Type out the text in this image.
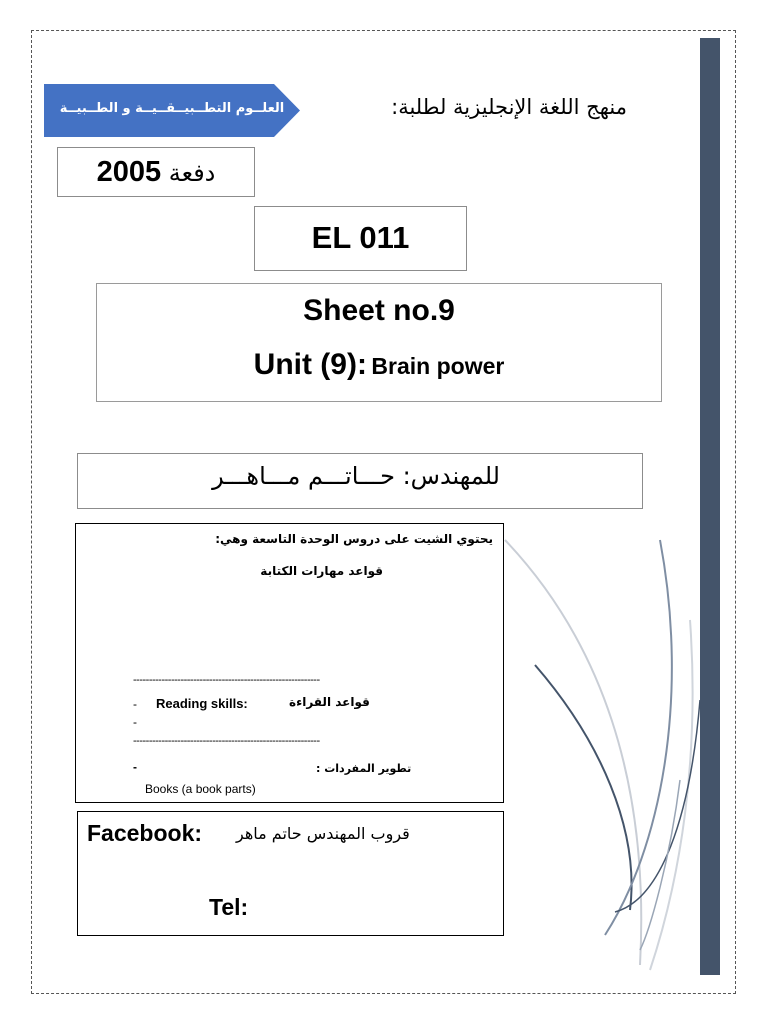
العلــوم التطــبيــقــيــة و الطــبيــة	منهج اللغة الإنجليزية لطلبة:
2005 دفعة
EL 011
Sheet no.9
Unit (9): Brain power
للمهندس: حـــاتـــم مـــاهـــر
يحتوي الشيت على دروس الوحدة التاسعة وهي:
قواعد مهارات الكتابة
-----------------------------------------------------------
- Reading skills:	قواعد القراءة
-
-----------------------------------------------------------
-	تطوير المفردات :
Books (a book parts)
Facebook: قروب المهندس حاتم ماهر
Tel:
